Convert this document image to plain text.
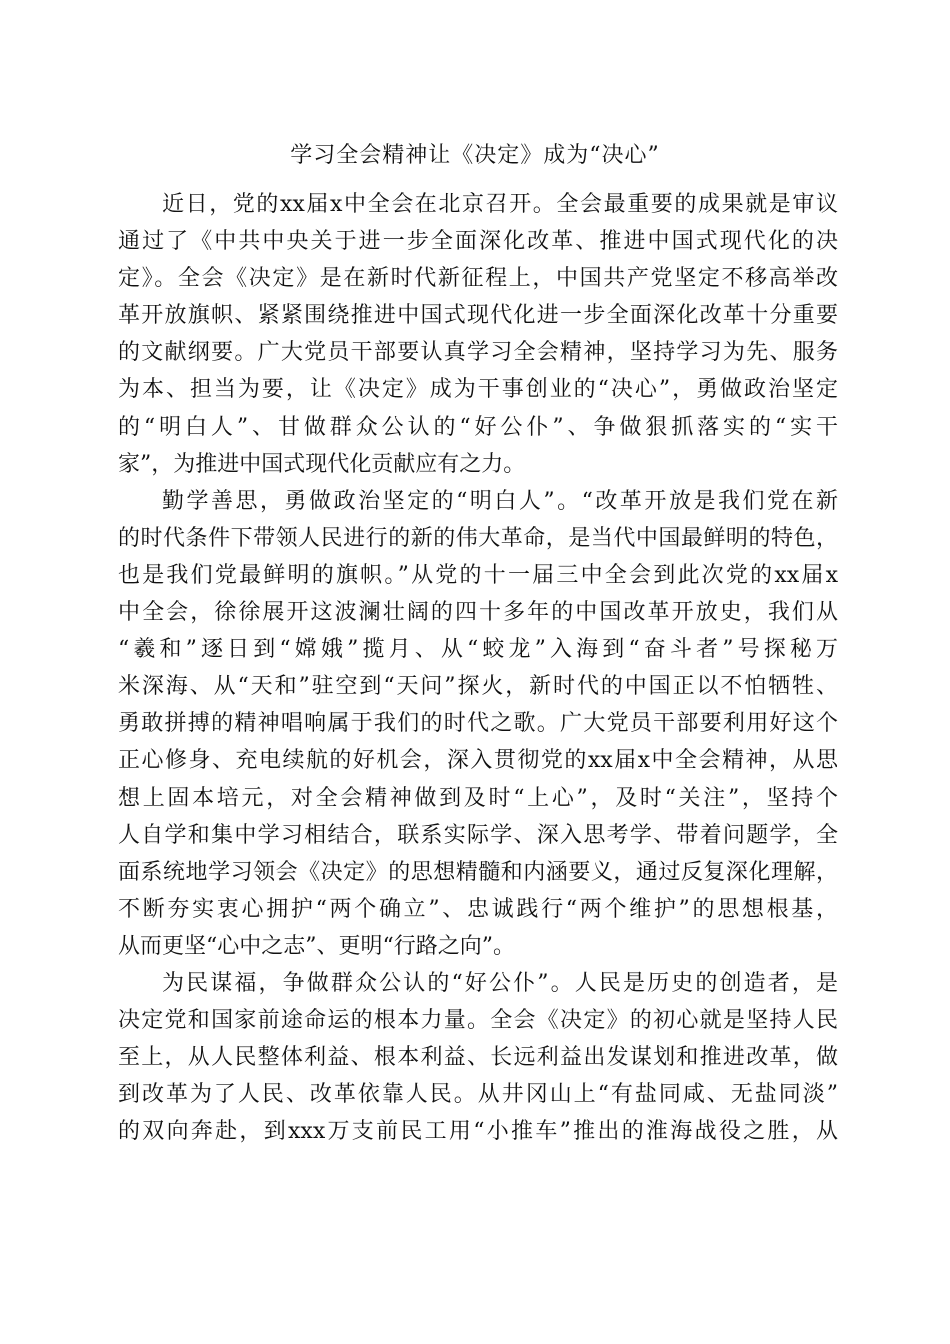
学习全会精神让《决定》成为“决心”
近日，党的xx届x中全会在北京召开。全会最重要的成果就是审议
通过了《中共中央关于进一步全面深化改革、推进中国式现代化的决
定》。全会《决定》是在新时代新征程上，中国共产党坚定不移高举改
革开放旗帜、紧紧围绕推进中国式现代化进一步全面深化改革十分重要
的文献纲要。广大党员干部要认真学习全会精神，坚持学习为先、服务
为本、担当为要，让《决定》成为干事创业的“决心”，勇做政治坚定
的“明白人”、甘做群众公认的“好公仆”、争做狠抓落实的“实干
家”，为推进中国式现代化贡献应有之力。
勤学善思，勇做政治坚定的“明白人”。“改革开放是我们党在新
的时代条件下带领人民进行的新的伟大革命，是当代中国最鲜明的特色，
也是我们党最鲜明的旗帜。”从党的十一届三中全会到此次党的xx届x
中全会，徐徐展开这波澜壮阔的四十多年的中国改革开放史，我们从
“羲和”逐日到“嫦娥”揽月、从“蛟龙”入海到“奋斗者”号探秘万
米深海、从“天和”驻空到“天问”探火，新时代的中国正以不怕牺牲、
勇敢拼搏的精神唱响属于我们的时代之歌。广大党员干部要利用好这个
正心修身、充电续航的好机会，深入贯彻党的xx届x中全会精神，从思
想上固本培元，对全会精神做到及时“上心”，及时“关注”，坚持个
人自学和集中学习相结合，联系实际学、深入思考学、带着问题学，全
面系统地学习领会《决定》的思想精髓和内涵要义，通过反复深化理解，
不断夯实衷心拥护“两个确立”、忠诚践行“两个维护”的思想根基，
从而更坚“心中之志”、更明“行路之向”。
为民谋福，争做群众公认的“好公仆”。人民是历史的创造者，是
决定党和国家前途命运的根本力量。全会《决定》的初心就是坚持人民
至上，从人民整体利益、根本利益、长远利益出发谋划和推进改革，做
到改革为了人民、改革依靠人民。从井冈山上“有盐同咸、无盐同淡”
的双向奔赴，到xxx万支前民工用“小推车”推出的淮海战役之胜，从
